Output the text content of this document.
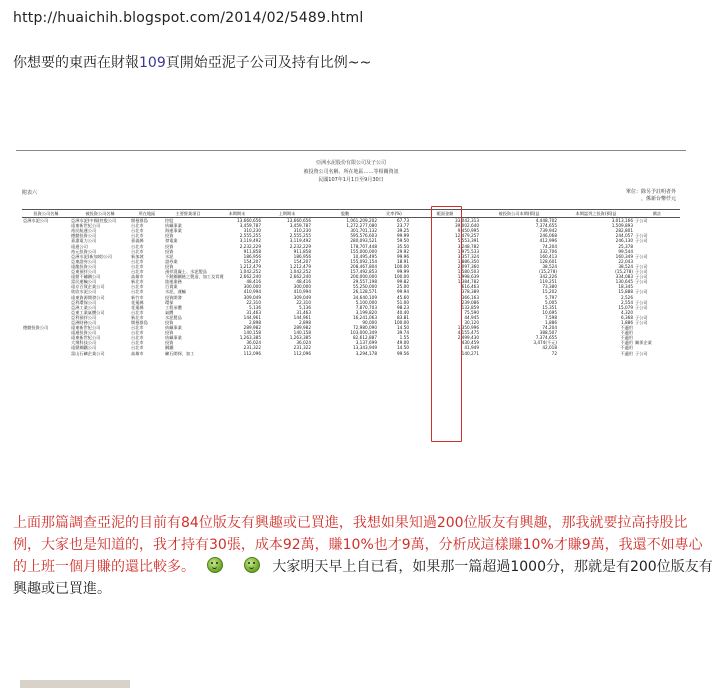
http://huaichih.blogspot.com/2014/02/5489.html
你想要的東西在財報109頁開始亞泥子公司及持有比例~~
亞洲水泥股份有限公司及子公司
被投資公司名稱、所在地區……等相關資訊
民國107年1月1日至9月30日
附表六	單位：除另予註明者外
，係新台幣仟元
投資公司名稱	被投資公司名稱	所在地區	主要營業項目	本期期末	上期期末	股數	比率(%)	帳面金額	被投資公司本期(損)益	本期認列之投資(損)益	備註
亞洲水泥公司	亞洲水泥(中國)控股公司	開曼群島	控股	13,660,656	13,660,656	1,061,209,202	67.73	33,042,313	4,448,702	3,013,166	子公司
	遠東新世紀公司	台北市	紡織事業	3,459,787	3,459,787	1,272,277,080	23.77	39,002,640	7,374,655	1,509,893	
	裕民航運公司	台北市	海運事業	310,230	310,230	301,701,132	39.25	9,450,995	739,942	282,801	
	德勤投資公司	台北市	投資	2,555,255	2,555,255	595,576,603	99.99	12,479,257	246,068	244,057	子公司
	嘉惠電力公司	嘉義縣	發電業	3,119,492	3,119,492	280,093,521	59.50	5,553,391	412,996	246,130	子公司
	遠通公司	台北市	投資	2,232,229	2,232,229	178,707,448	35.50	3,248,782	74,204	25,378	
	裕元投資公司	台北市	投資	911,858	911,858	155,000,000	29.92	1,975,533	332,706	99,544	
	亞洲水泥(新加坡)公司	新加坡	水泥	186,956	186,956	10,495,495	99.96	3,357,324	160,413	160,349	子公司
	亞東證券公司	台北市	證券業	154,207	154,207	155,092,154	18.91	1,886,350	128,601	22,043	
	遠龍投資公司	台北市	投資	1,212,479	1,212,479	208,467,804	100.00	2,097,360	38,524	38,524	子公司
	亞東預拌公司	台北市	預拌混凝土、水泥製品	1,042,252	1,042,252	157,492,853	99.99	1,580,503	(15,278)	(15,278)	子公司

	遠鼎不鏽鋼公司	高雄市	不銹鋼鋼捲之製造、加工及買賣	2,662,240	2,662,240	200,000,000	100.00	1,998,639	342,226	334,083	子公司

	富民運輸公司	新北市	陸運業務	48,416	48,416	29,557,198	99.82	1,384,782	119,251	130,645	子公司
	遠京百貨企業公司	台北市	百貨業	300,000	300,000	55,250,000	25.00	616,463	73,380	18,345	
	欣欣水泥公司	台北市	水泥、運輸	410,994	410,994	26,128,571	99.94	378,389	15,202	15,888	子公司
	遠東資源開發公司	新竹市	投資開發	309,049	309,049	34,640,109	45.60	366,163	5,797	2,526	
	亞利環保公司	花蓮縣	環保	22,310	22,310	5,100,000	51.00	239,086	5,005	2,554	子公司
	亞洲工業公司	花蓮縣	工程承攬	5,136	5,136	7,870,703	98.23	132,859	15,351	15,079	子公司
	亞東工業氣體公司	台北市	氣體	31,463	31,463	3,199,820	40.40	75,590	10,695	4,320	
	亞利預拌公司	新北市	水泥製品	144,961	144,961	16,241,063	83.81	44,945	7,598	6,368	子公司
	亞洲財務公司	開曼群島	投資	2,898	2,898	90,000	100.00	30,120	1,886	1,886	子公司
德勤投資公司	遠東新世紀公司	台北市	紡織事業	289,982	289,982	72,980,090	14.50	1,350,996	74,204	不適用	
	遠通投資公司	台北市	投資	140,158	140,158	103,000,349	39.74	4,155,475	388,507	不適用	
	遠東新世紀公司	台北市	紡織事業	1,263,385	1,263,385	82,612,887	1.55	2,499,430	7,374,655	不適用	
	大聚科技公司	台北市	投資	36,024	36,024	3,137,699	49.00	430,459	3,474(千元)	不適用	關係企業
	遠鼎鋼鐵公司	台北市	鋼鐵	231,322	231,322	13,343,949	14.50	41,949	42,018	不適用	
	富山石礦企業公司	高雄市	礦石開採、加工	112,096	112,096	3,294,178	99.56	140,271	72	不適用	子公司
上面那篇調查亞泥的目前有84位版友有興趣或已買進，我想如果知過200位版友有興趣，那我就要拉高持股比例，大家也是知道的，我才持有30張，成本92萬，賺10%也才9萬，分析成這樣賺10%才賺9萬，我還不如專心的上班一個月賺的還比較多。	大家明天早上自已看，如果那一篇超過1000分，那就是有200位版友有興趣或已買進。
